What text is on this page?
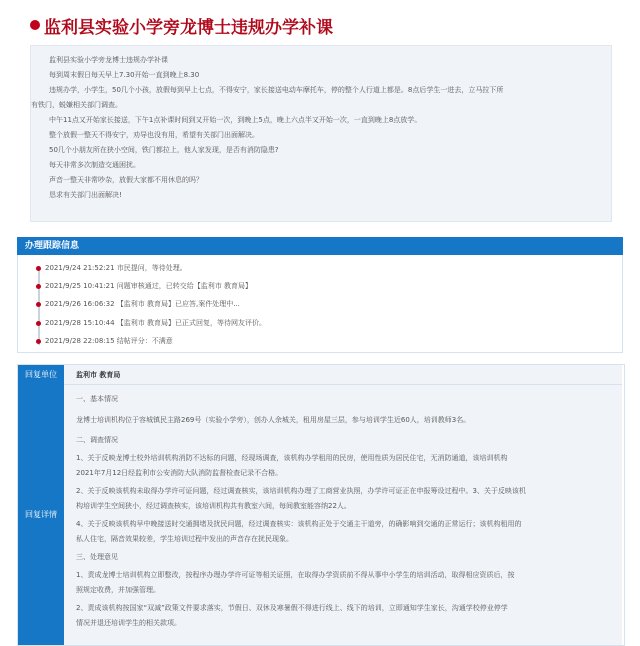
监利县实验小学旁龙博士违规办学补课
监利县实验小学旁龙博士违规办学补课
每到周末假日每天早上7.30开始一直到晚上8.30
违规办学，小学生，50几个小孩，放假每到早上七点，不得安宁，家长接送电动车摩托车，停的整个人行道上都是。8点后学生一进去，立马拉下所
有铁门，蜕嫌相关部门调查。
中午11点又开始家长接送，下午1点补课时间到又开始一次，到晚上5点，晚上六点半又开始一次，一直到晚上8点放学。
整个放假一整天不得安宁，劝导也没有用，希望有关部门出面解决。
50几个小朋友所在狭小空间，铁门都拉上，他人家发现，是否有消防隐患?
每天非常多次制造交通困扰。
声音一整天非常吵杂，放假大家都不用休息的吗？
恳求有关部门出面解决!
办理跟踪信息
2021/9/24 21:52:21 市民提问，等待处理。
2021/9/25 10:41:21 问题审核通过，已转交给【监利市 教育局】
2021/9/26 16:06:32 【监利市 教育局】已应答,案件处理中...
2021/9/28 15:10:44 【监利市 教育局】已正式回复，等待网友评价。
2021/9/28 22:08:15 结帖评分：不满意
回复单位	监利市 教育局
回复详情
一、基本情况
龙博士培训机构位于容城镇民主路269号（实验小学旁），创办人余城关，租用房屋三层，参与培训学生近60人，培训教师3名。
二、调查情况
1、关于反映龙博士校外培训机构消防不达标的问题，经现场调查，该机构办学租用的民房，使用性质为居民住宅，无消防通道，该培训机构
2021年7月12日经监利市公安消防大队消防监督检查记录不合格。
2、关于反映该机构未取得办学许可证问题，经过调查核实，该培训机构办理了工商营业执照，办学许可证正在申报筹设过程中。3、关于反映该机
构培训学生空间狭小，经过调查核实，该培训机构共有教室六间，每间教室能容纳22人。
4、关于反映该机构早中晚接送时交通拥堵及扰民问题，经过调查核实：该机构正处于交通主干道旁，的确影响到交通的正常运行；该机构租用的
私人住宅，隔音效果较差，学生培训过程中发出的声音存在扰民现象。
三、处理意见
1、责成龙博士培训机构立即整改，按程序办理办学许可证等相关证照，在取得办学资质前不得从事中小学生的培训活动，取得相应资质后，按
照规定收费，并加强管理。
2、责成该机构按国家“双减”政策文件要求落实，节假日、双休及寒暑假不得进行线上、线下的培训，立即通知学生家长，沟通学校停业停学
情况并退还培训学生的相关款项。
